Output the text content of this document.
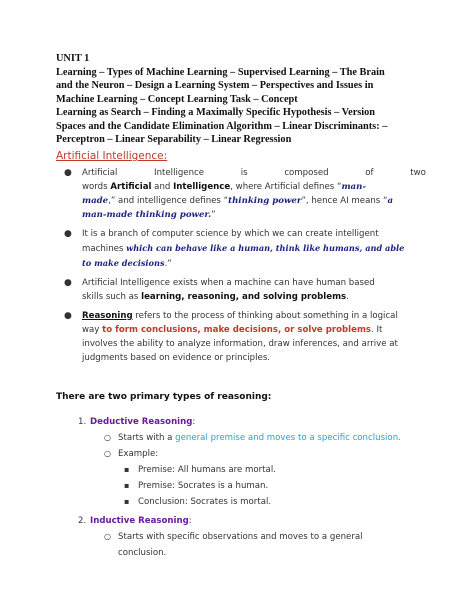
UNIT 1
Learning – Types of Machine Learning – Supervised Learning – The Brain
and the Neuron – Design a Learning System – Perspectives and Issues in
Machine Learning – Concept Learning Task – Concept
Learning as Search – Finding a Maximally Specific Hypothesis – Version
Spaces and the Candidate Elimination Algorithm – Linear Discriminants: –
Perceptron – Linear Separability – Linear Regression
Artificial Intelligence:
● Artificial	Intelligence	is	composed	of	two
words Artificial and Intelligence, where Artificial defines “man-
made,” and intelligence defines “thinking power”, hence AI means “a
man-made thinking power.”
● It is a branch of computer science by which we can create intelligent
machines which can behave like a human, think like humans, and able
to make decisions.”
● Artificial Intelligence exists when a machine can have human based
skills such as learning, reasoning, and solving problems.
● Reasoning refers to the process of thinking about something in a logical
way to form conclusions, make decisions, or solve problems. It
involves the ability to analyze information, draw inferences, and arrive at
judgments based on evidence or principles.
There are two primary types of reasoning:
1. Deductive Reasoning:
○ Starts with a general premise and moves to a specific conclusion.
○ Example:
▪ Premise: All humans are mortal.
▪ Premise: Socrates is a human.
▪ Conclusion: Socrates is mortal.
2. Inductive Reasoning:
○ Starts with specific observations and moves to a general
conclusion.
